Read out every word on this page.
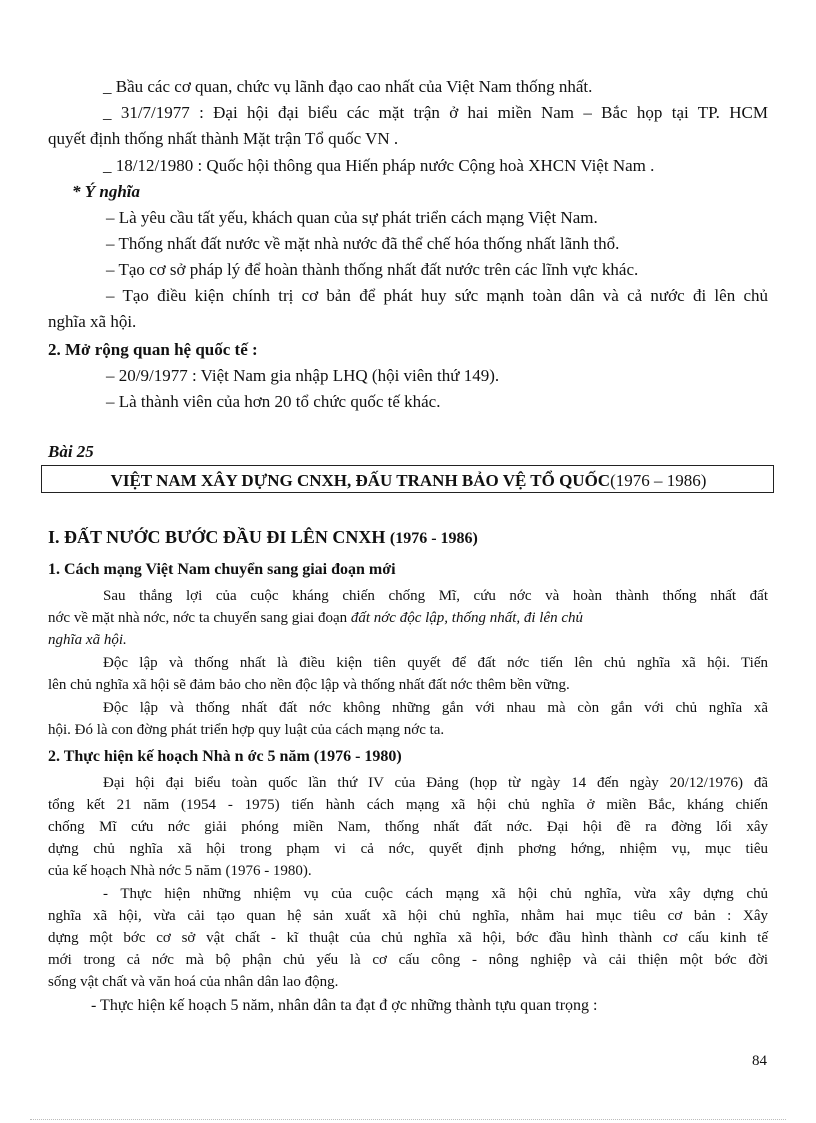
_ Bầu các cơ quan, chức vụ lãnh đạo cao nhất của Việt Nam thống nhất.
_ 31/7/1977 : Đại hội đại biểu các mặt trận ở hai miền Nam – Bắc họp tại TP. HCM
quyết định thống nhất thành Mặt trận Tổ quốc VN .
_ 18/12/1980 : Quốc hội thông qua Hiến pháp nước Cộng hoà XHCN Việt Nam .
* Ý nghĩa
– Là yêu cầu tất yếu, khách quan của sự phát triển cách mạng Việt Nam.
– Thống nhất đất nước về mặt nhà nước đã thể chế hóa thống nhất lãnh thổ.
– Tạo cơ sở pháp lý để hoàn thành thống nhất đất nước trên các lĩnh vực khác.
– Tạo điều kiện chính trị cơ bản để phát huy sức mạnh toàn dân và cả nước đi lên chủ
nghĩa xã hội.
2. Mở rộng quan hệ quốc tế :
– 20/9/1977 : Việt Nam gia nhập LHQ (hội viên thứ 149).
– Là thành viên của hơn 20 tổ chức quốc tế khác.
Bài 25
VIỆT NAM XÂY DỰNG CNXH, ĐẤU TRANH BẢO VỆ TỔ QUỐC(1976 – 1986)
I. ĐẤT NƯỚC BƯỚC ĐẦU ĐI LÊN CNXH (1976 - 1986)
1. Cách mạng Việt Nam chuyển sang giai đoạn mới
Sau thắng lợi của cuộc kháng chiến chống Mĩ, cứu nớc và hoàn thành thống nhất đất
nớc về mặt nhà nớc, nớc ta chuyển sang giai đoạn đất nớc độc lập, thống nhất, đi lên chủ
nghĩa xã hội.
Độc lập và thống nhất là điều kiện tiên quyết để đất nớc tiến lên chủ nghĩa xã hội. Tiến
lên chủ nghĩa xã hội sẽ đảm bảo cho nền độc lập và thống nhất đất nớc thêm bền vững.
Độc lập và thống nhất đất nớc không những gắn với nhau mà còn gắn với chủ nghĩa xã
hội. Đó là con đờng phát triển hợp quy luật của cách mạng nớc ta.
2. Thực hiện kế hoạch Nhà n ớc 5 năm (1976 - 1980)
Đại hội đại biểu toàn quốc lần thứ IV của Đảng (họp từ ngày 14 đến ngày 20/12/1976) đã
tổng kết 21 năm (1954 - 1975) tiến hành cách mạng xã hội chủ nghĩa ở miền Bắc, kháng chiến
chống Mĩ cứu nớc giải phóng miền Nam, thống nhất đất nớc. Đại hội đề ra đờng lối xây
dựng chủ nghĩa xã hội trong phạm vi cả nớc, quyết định phơng hớng, nhiệm vụ, mục tiêu
của kế hoạch Nhà nớc 5 năm (1976 - 1980).
- Thực hiện những nhiệm vụ của cuộc cách mạng xã hội chủ nghĩa, vừa xây dựng chủ
nghĩa xã hội, vừa cải tạo quan hệ sản xuất xã hội chủ nghĩa, nhằm hai mục tiêu cơ bản : Xây
dựng một bớc cơ sở vật chất - kĩ thuật của chủ nghĩa xã hội, bớc đầu hình thành cơ cấu kinh tế
mới trong cả nớc mà bộ phận chủ yếu là cơ cấu công - nông nghiệp và cải thiện một bớc đời
sống vật chất và văn hoá của nhân dân lao động.
- Thực hiện kế hoạch 5 năm, nhân dân ta đạt đ ợc những thành tựu quan trọng :
84
